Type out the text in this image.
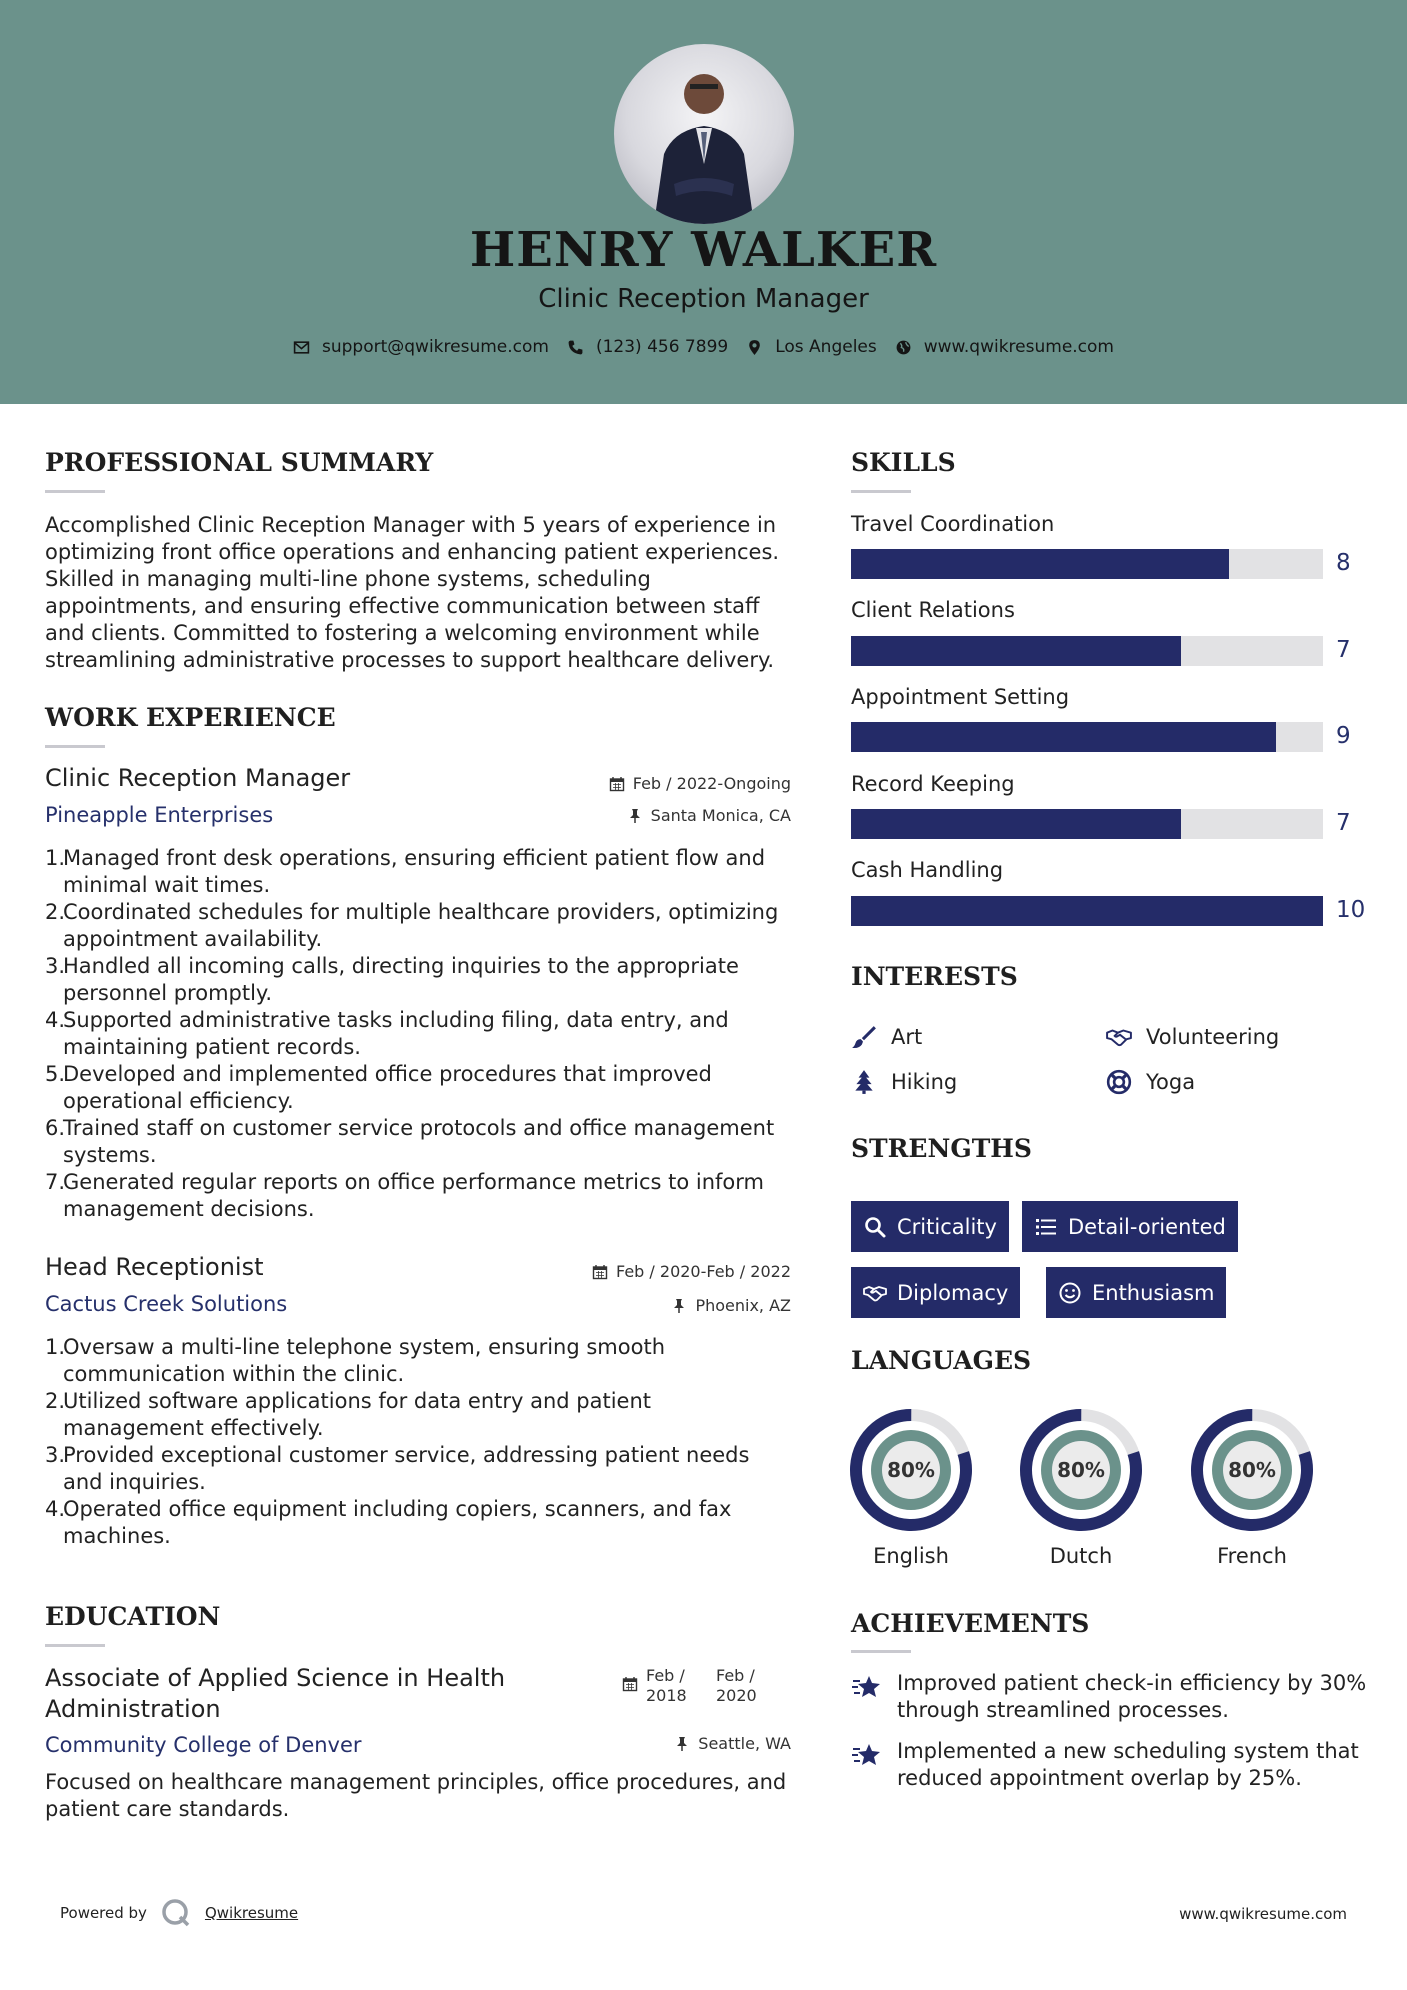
HENRY WALKER
Clinic Reception Manager
support@qwikresume.com	(123) 456 7899	Los Angeles	www.qwikresume.com
PROFESSIONAL SUMMARY
Accomplished Clinic Reception Manager with 5 years of experience in
optimizing front office operations and enhancing patient experiences.
Skilled in managing multi-line phone systems, scheduling
appointments, and ensuring effective communication between staff
and clients. Committed to fostering a welcoming environment while
streamlining administrative processes to support healthcare delivery.
WORK EXPERIENCE
Clinic Reception Manager	Feb / 2022-Ongoing
Pineapple Enterprises	Santa Monica, CA
1.
Managed front desk operations, ensuring efficient patient flow and
minimal wait times.
2.
Coordinated schedules for multiple healthcare providers, optimizing
appointment availability.
3.
Handled all incoming calls, directing inquiries to the appropriate
personnel promptly.
4.
Supported administrative tasks including filing, data entry, and
maintaining patient records.
5.
Developed and implemented office procedures that improved
operational efficiency.
6.
Trained staff on customer service protocols and office management
systems.
7.
Generated regular reports on office performance metrics to inform
management decisions.
Head Receptionist	Feb / 2020-Feb / 2022
Cactus Creek Solutions	Phoenix, AZ
1.
Oversaw a multi-line telephone system, ensuring smooth
communication within the clinic.
2.
Utilized software applications for data entry and patient
management effectively.
3.
Provided exceptional customer service, addressing patient needs
and inquiries.
4.
Operated office equipment including copiers, scanners, and fax
machines.
EDUCATION
Associate of Applied Science in Health
Administration
Feb /
2018
Feb /
2020
Community College of Denver	Seattle, WA
Focused on healthcare management principles, office procedures, and
patient care standards.
SKILLS
Travel Coordination
8
Client Relations
7
Appointment Setting
9
Record Keeping
7
Cash Handling
10
INTERESTS
Art	Volunteering
Hiking	Yoga
STRENGTHS
Criticality	Detail-oriented
Diplomacy	Enthusiasm
LANGUAGES
80%
English
80%
Dutch
80%
French
ACHIEVEMENTS
Improved patient check-in efficiency by 30%
through streamlined processes.
Implemented a new scheduling system that
reduced appointment overlap by 25%.
Powered by	Qwikresume	www.qwikresume.com
